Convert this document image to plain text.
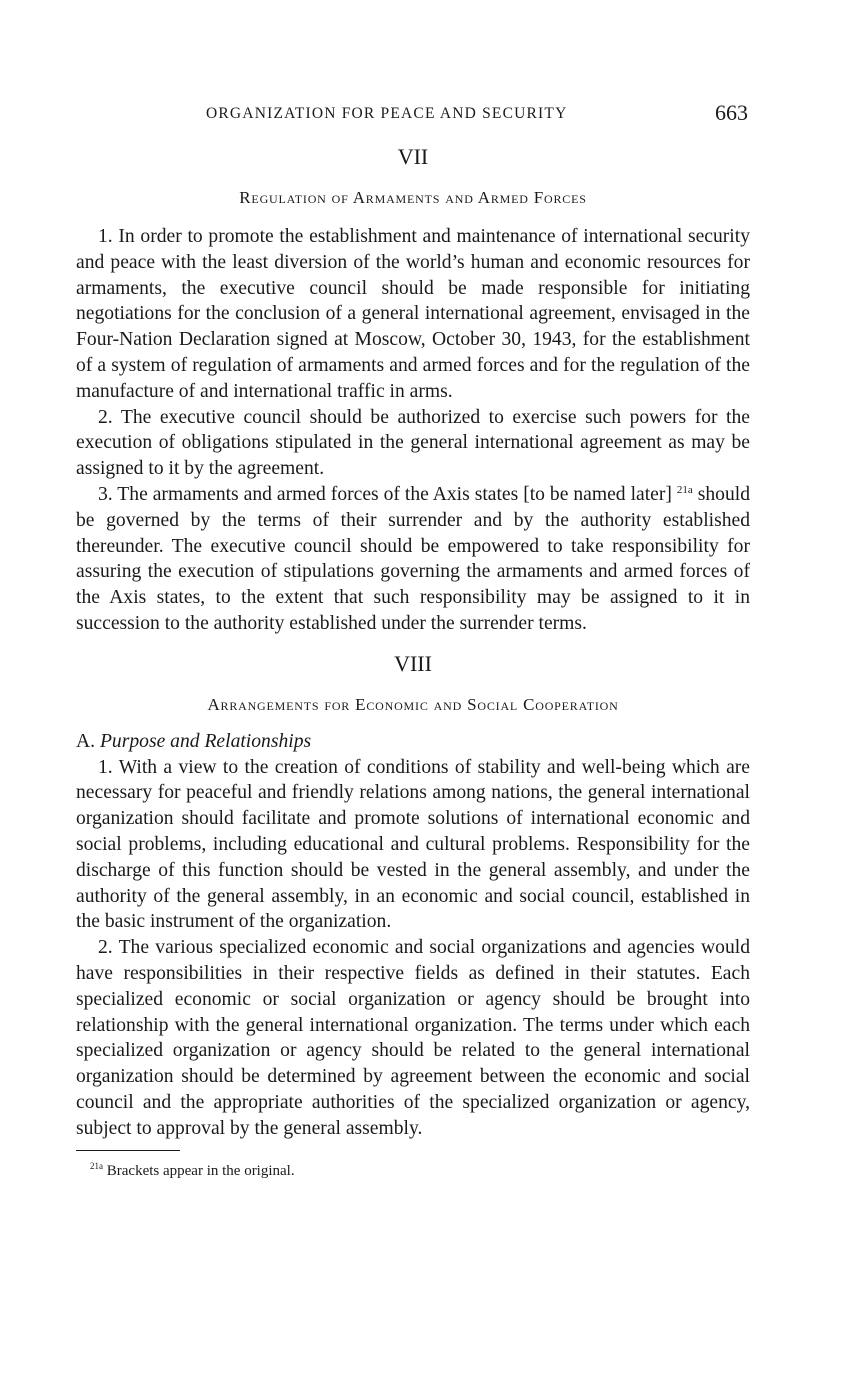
ORGANIZATION FOR PEACE AND SECURITY	663
VII
Regulation of Armaments and Armed Forces

1. In order to promote the establishment and maintenance of international security and peace with the least diversion of the world’s human and economic resources for armaments, the executive council should be made responsible for initiating negotiations for the conclusion of a general international agreement, envisaged in the Four-Nation Declaration signed at Moscow, October 30, 1943, for the establishment of a system of regulation of armaments and armed forces and for the regulation of the manufacture of and international traffic in arms.

2. The executive council should be authorized to exercise such powers for the execution of obligations stipulated in the general international agreement as may be assigned to it by the agreement.

3. The armaments and armed forces of the Axis states [to be named later] $^{21a}$ should be governed by the terms of their surrender and by the authority established thereunder. The executive council should be empowered to take responsibility for assuring the execution of stipulations governing the armaments and armed forces of the Axis states, to the extent that such responsibility may be assigned to it in succession to the authority established under the surrender terms.

VIII
Arrangements for Economic and Social Cooperation
A. Purpose and Relationships

1. With a view to the creation of conditions of stability and well-being which are necessary for peaceful and friendly relations among nations, the general international organization should facilitate and promote solutions of international economic and social problems, including educational and cultural problems. Responsibility for the discharge of this function should be vested in the general assembly, and under the authority of the general assembly, in an economic and social council, established in the basic instrument of the organization.

2. The various specialized economic and social organizations and agencies would have responsibilities in their respective fields as defined in their statutes. Each specialized economic or social organization or agency should be brought into relationship with the general international organization. The terms under which each specialized organization or agency should be related to the general international organization should be determined by agreement between the economic and social council and the appropriate authorities of the specialized organization or agency, subject to approval by the general assembly.

$^{21a}$ Brackets appear in the original.
